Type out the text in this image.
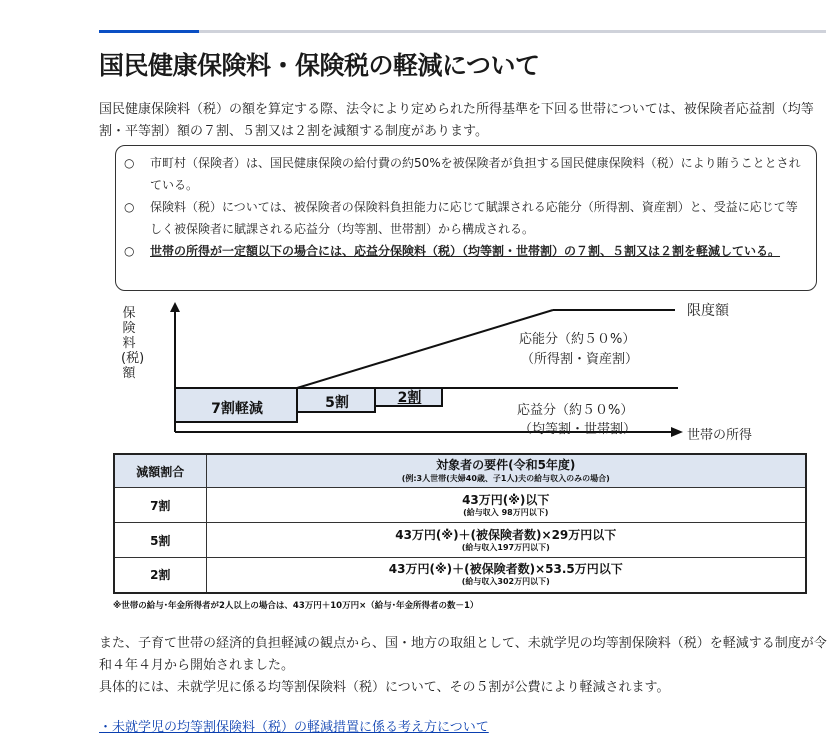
国民健康保険料・保険税の軽減について

国民健康保険料（税）の額を算定する際、法令により定められた所得基準を下回る世帯については、被保険者応益割（均等割・平等割）額の７割、５割又は２割を減額する制度があります。

○	市町村（保険者）は、国民健康保険の給付費の約50%を被保険者が負担する国民健康保険料（税）により賄うこととされている。
○	保険料（税）については、被保険者の保険料負担能力に応じて賦課される応能分（所得割、資産割）と、受益に応じて等しく被保険者に賦課される応益分（均等割、世帯割）から構成される。
○	世帯の所得が一定額以下の場合には、応益分保険料（税）（均等割・世帯割）の７割、５割又は２割を軽減している。
保険料(税)額
7割軽減	5割	2割
限度額
応能分（約５０%）
（所得割・資産割）
応益分（約５０%）
（均等割・世帯割）	世帯の所得
減額割合	対象者の要件(令和5年度)
(例:3人世帯(夫婦40歳、子1人)夫の給与収入のみの場合)

7割	43万円(※)以下
(給与収入 98万円以下)

5割	43万円(※)＋(被保険者数)×29万円以下
(給与収入197万円以下)

2割	43万円(※)＋(被保険者数)×53.5万円以下
(給与収入302万円以下)
※世帯の給与･年金所得者が2人以上の場合は、43万円＋10万円×（給与･年金所得者の数－1）

また、子育て世帯の経済的負担軽減の観点から、国・地方の取組として、未就学児の均等割保険料（税）を軽減する制度が令和４年４月から開始されました。

具体的には、未就学児に係る均等割保険料（税）について、その５割が公費により軽減されます。

・未就学児の均等割保険料（税）の軽減措置に係る考え方について
